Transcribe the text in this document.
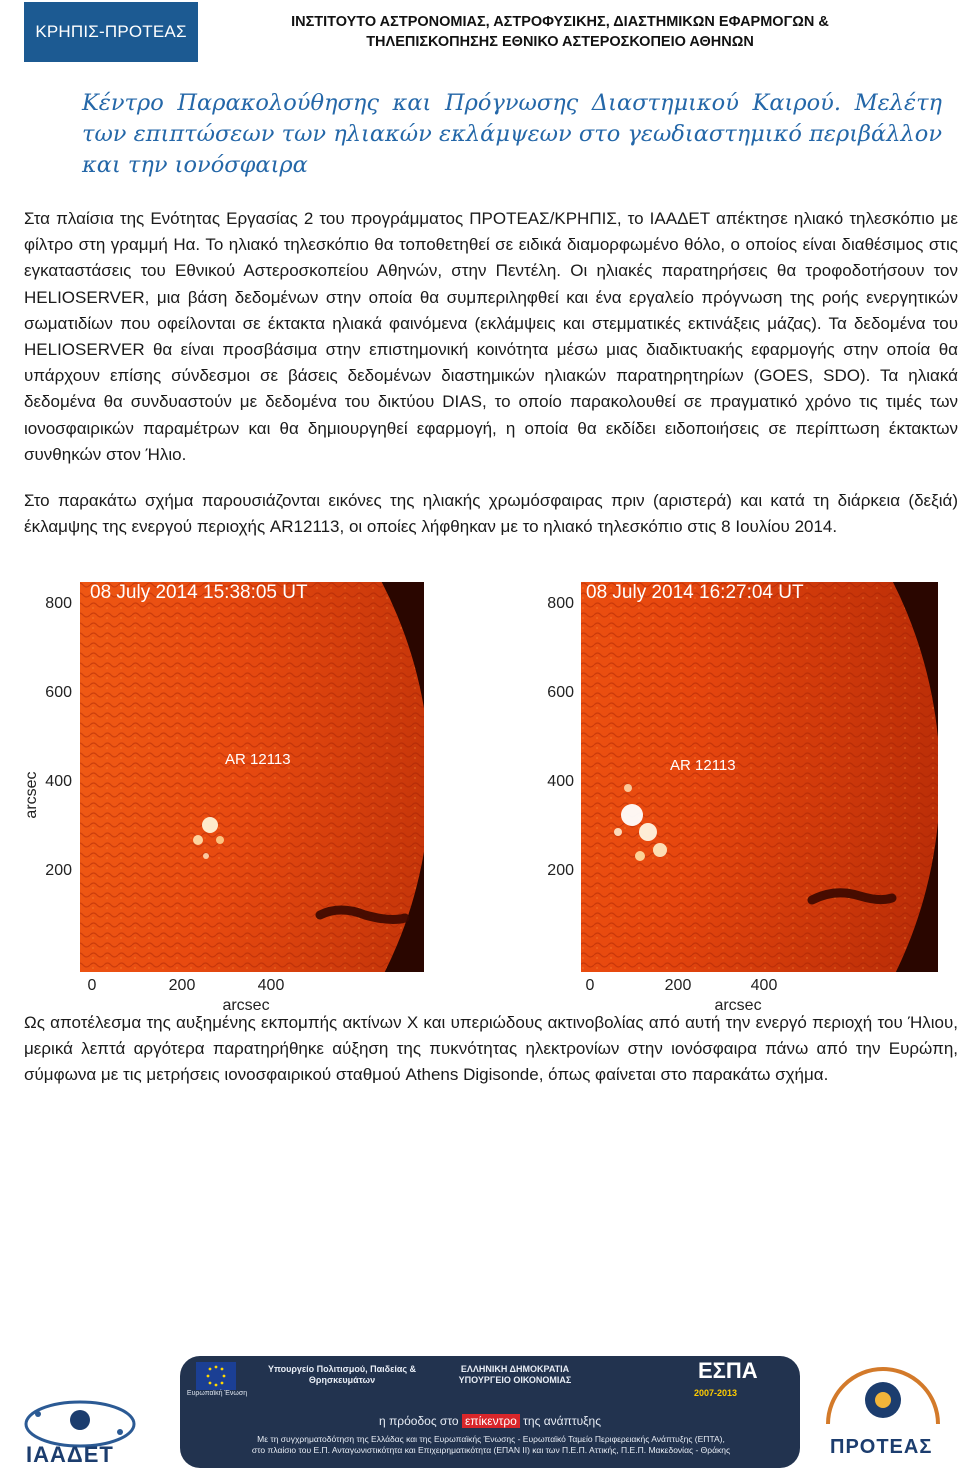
ΚΡΗΠΙΣ-ΠΡΟΤΕΑΣ	ΙΝΣΤΙΤΟΥΤΟ ΑΣΤΡΟΝΟΜΙΑΣ, ΑΣΤΡΟΦΥΣΙΚΗΣ, ΔΙΑΣΤΗΜΙΚΩΝ ΕΦΑΡΜΟΓΩΝ &
ΤΗΛΕΠΙΣΚΟΠΗΣΗΣ ΕΘΝΙΚΟ ΑΣΤΕΡΟΣΚΟΠΕΙΟ ΑΘΗΝΩΝ
Κέντρο Παρακολούθησης και Πρόγνωσης Διαστημικού Καιρού. Μελέτη των επιπτώσεων των ηλιακών εκλάμψεων στο γεωδιαστημικό περιβάλλον και την ιονόσφαιρα
Στα πλαίσια της Ενότητας Εργασίας 2 του προγράμματος ΠΡΟΤΕΑΣ/ΚΡΗΠΙΣ, το ΙΑΑΔΕΤ απέκτησε ηλιακό τηλεσκόπιο με φίλτρο στη γραμμή Ηα. Το ηλιακό τηλεσκόπιο θα τοποθετηθεί σε ειδικά διαμορφωμένο θόλο, ο οποίος είναι διαθέσιμος στις εγκαταστάσεις του Εθνικού Αστεροσκοπείου Αθηνών, στην Πεντέλη. Οι ηλιακές παρατηρήσεις θα τροφοδοτήσουν τον HELIOSERVER, μια βάση δεδομένων στην οποία θα συμπεριληφθεί και ένα εργαλείο πρόγνωση της ροής ενεργητικών σωματιδίων που οφείλονται σε έκτακτα ηλιακά φαινόμενα (εκλάμψεις και στεμματικές εκτινάξεις μάζας). Τα δεδομένα του HELIOSERVER θα είναι προσβάσιμα στην επιστημονική κοινότητα μέσω μιας διαδικτυακής εφαρμογής στην οποία θα υπάρχουν επίσης σύνδεσμοι σε βάσεις δεδομένων διαστημικών ηλιακών παρατηρητηρίων (GOES, SDO). Τα ηλιακά δεδομένα θα συνδυαστούν με δεδομένα του δικτύου DIAS, το οποίο παρακολουθεί σε πραγματικό χρόνο τις τιμές των ιονοσφαιρικών παραμέτρων και θα δημιουργηθεί εφαρμογή, η οποία θα εκδίδει ειδοποιήσεις σε περίπτωση έκτακτων συνθηκών στον Ήλιο.
Στο παρακάτω σχήμα παρουσιάζονται εικόνες της ηλιακής χρωμόσφαιρας πριν (αριστερά) και κατά τη διάρκεια (δεξιά) έκλαμψης της ενεργού περιοχής AR12113, οι οποίες λήφθηκαν με το ηλιακό τηλεσκόπιο στις 8 Ιουλίου 2014.
08 July 2014 15:38:05 UT
AR 12113
800
600
400
200
0	200	400
arcsec
arcsec
08 July 2014 16:27:04 UT
AR 12113
800
600
400
200
0	200	400
arcsec
Ως αποτέλεσμα της αυξημένης εκπομπής ακτίνων Χ και υπεριώδους ακτινοβολίας από αυτή την ενεργό περιοχή του Ήλιου, μερικά λεπτά αργότερα παρατηρήθηκε αύξηση της πυκνότητας ηλεκτρονίων στην ιονόσφαιρα πάνω από την Ευρώπη, σύμφωνα με τις μετρήσεις ιονοσφαιρικού σταθμού Athens Digisonde, όπως φαίνεται στο παρακάτω σχήμα.
ΙΑΑΔΕΤ
Ευρωπαϊκή Ένωση
Υπουργείο Πολιτισμού, Παιδείας & Θρησκευμάτων
ΕΛΛΗΝΙΚΗ ΔΗΜΟΚΡΑΤΙΑ ΥΠΟΥΡΓΕΙΟ ΟΙΚΟΝΟΜΙΑΣ	ΕΣΠΑ
2007-2013
η πρόοδος στο επίκεντρο της ανάπτυξης
Με τη συγχρηματοδότηση της Ελλάδας και της Ευρωπαϊκής Ένωσης - Ευρωπαϊκό Ταμείο Περιφερειακής Ανάπτυξης (ΕΠΤΑ),
στο πλαίσιο του Ε.Π. Ανταγωνιστικότητα και Επιχειρηματικότητα (ΕΠΑΝ ΙΙ) και των Π.Ε.Π. Αττικής, Π.Ε.Π. Μακεδονίας - Θράκης	ΠΡΟΤΕΑΣ
